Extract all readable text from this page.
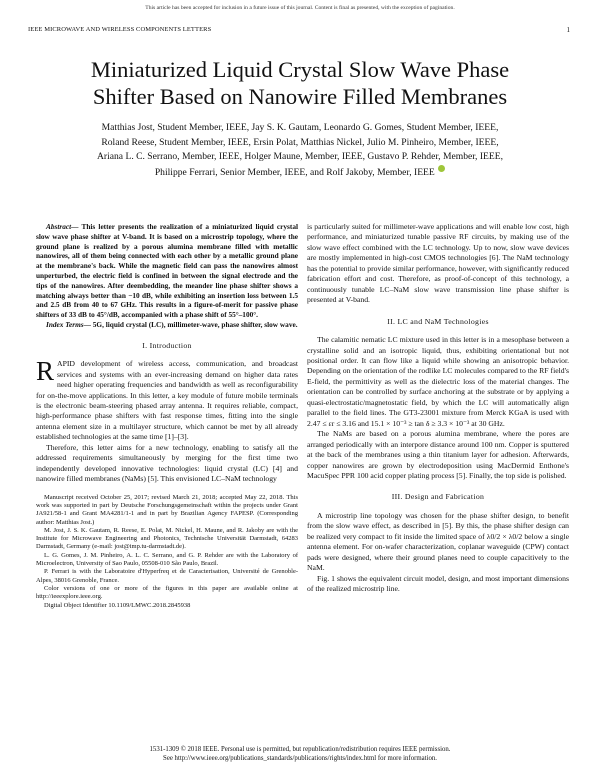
This article has been accepted for inclusion in a future issue of this journal. Content is final as presented, with the exception of pagination.
IEEE MICROWAVE AND WIRELESS COMPONENTS LETTERS	1
Miniaturized Liquid Crystal Slow Wave Phase
Shifter Based on Nanowire Filled Membranes
Matthias Jost, Student Member, IEEE, Jay S. K. Gautam, Leonardo G. Gomes, Student Member, IEEE,
Roland Reese, Student Member, IEEE, Ersin Polat, Matthias Nickel, Julio M. Pinheiro, Member, IEEE,
Ariana L. C. Serrano, Member, IEEE, Holger Maune, Member, IEEE, Gustavo P. Rehder, Member, IEEE,
Philippe Ferrari, Senior Member, IEEE, and Rolf Jakoby, Member, IEEE

Abstract— This letter presents the realization of a miniaturized liquid crystal slow wave phase shifter at V-band. It is based on a microstrip topology, where the ground plane is realized by a porous alumina membrane filled with metallic nanowires, all of them being connected with each other by a metallic ground plane at the membrane's back. While the magnetic field can pass the nanowires almost unperturbed, the electric field is confined in between the signal electrode and the tips of the nanowires. After deembedding, the meander line phase shifter shows a matching always better than −10 dB, while exhibiting an insertion loss between 1.5 and 2.5 dB from 40 to 67 GHz. This results in a figure-of-merit for passive phase shifters of 33 dB to 45°/dB, accompanied with a phase shift of 55°–100°.

Index Terms— 5G, liquid crystal (LC), millimeter-wave, phase shifter, slow wave.

I. Introduction

RAPID development of wireless access, communication, and broadcast services and systems with an ever-increasing demand on higher data rates need higher operating frequencies and bandwidth as well as reconfigurability for on-the-move applications. In this letter, a key module of future mobile terminals is the electronic beam-steering phased array antenna. It requires reliable, compact, high-performance phase shifters with fast response times, fitting into the single antenna element size in a multilayer structure, which cannot be met by all already established technologies at the same time [1]–[3].

Therefore, this letter aims for a new technology, enabling to satisfy all the addressed requirements simultaneously by merging for the first time two independently developed innovative technologies: liquid crystal (LC) [4] and nanowire filled membranes (NaMs) [5]. This envisioned LC–NaM technology

Manuscript received October 25, 2017; revised March 21, 2018; accepted May 22, 2018. This work was supported in part by Deutsche Forschungsgemeinschaft within the projects under Grant JA921/58-1 and Grant MA4281/1-1 and in part by Brazilian Agency FAPESP. (Corresponding author: Matthias Jost.)
M. Jost, J. S. K. Gautam, R. Reese, E. Polat, M. Nickel, H. Maune, and R. Jakoby are with the Institute for Microwave Engineering and Photonics, Technische Universität Darmstadt, 64283 Darmstadt, Germany (e-mail: jost@imp.tu-darmstadt.de).
L. G. Gomes, J. M. Pinheiro, A. L. C. Serrano, and G. P. Rehder are with the Laboratory of Microelectron, University of Sao Paulo, 05508-010 São Paulo, Brazil.
P. Ferrari is with the Laboratoire d'Hyperfreq et de Caracterisation, Université de Grenoble-Alpes, 38016 Grenoble, France.
Color versions of one or more of the figures in this paper are available online at http://ieeexplore.ieee.org.
Digital Object Identifier 10.1109/LMWC.2018.2845938

is particularly suited for millimeter-wave applications and will enable low cost, high performance, and miniaturized tunable passive RF circuits, by making use of the slow wave effect combined with the LC technology. Up to now, slow wave devices are mostly implemented in high-cost CMOS technologies [6]. The NaM technology has the potential to provide similar performance, however, with significantly reduced fabrication effort and cost. Therefore, as proof-of-concept of this technology, a continuously tunable LC–NaM slow wave transmission line phase shifter is presented at V-band.

II. LC and NaM Technologies

The calamitic nematic LC mixture used in this letter is in a mesophase between a crystalline solid and an isotropic liquid, thus, exhibiting orientational but not positional order. It can flow like a liquid while showing an anisotropic behavior. Depending on the orientation of the rodlike LC molecules compared to the RF field's E-field, the permittivity as well as the dielectric loss of the material changes. The orientation can be controlled by surface anchoring at the substrate or by applying a quasi-electrostatic/magnetostatic field, by which the LC will automatically align parallel to the field lines. The GT3-23001 mixture from Merck KGaA is used with 2.47 ≤ εr ≤ 3.16 and 15.1 × 10⁻³ ≥ tan δ ≥ 3.3 × 10⁻³ at 30 GHz.

The NaMs are based on a porous alumina membrane, where the pores are arranged periodically with an interpore distance around 100 nm. Copper is sputtered at the back of the membranes using a thin titanium layer for adhesion. Afterwards, copper nanowires are grown by electrodeposition using MacDermid Enthone's MacuSpec PPR 100 acid copper plating process [5]. Finally, the top side is polished.

III. Design and Fabrication

A microstrip line topology was chosen for the phase shifter design, to benefit from the slow wave effect, as described in [5]. By this, the phase shifter design can be realized very compact to fit inside the limited space of λ0/2 × λ0/2 below a single antenna element. For on-wafer characterization, coplanar waveguide (CPW) contact pads were designed, where their ground planes need to couple capacitively to the NaM.

Fig. 1 shows the equivalent circuit model, design, and most important dimensions of the realized microstrip line.

1531-1309 © 2018 IEEE. Personal use is permitted, but republication/redistribution requires IEEE permission.
See http://www.ieee.org/publications_standards/publications/rights/index.html for more information.
